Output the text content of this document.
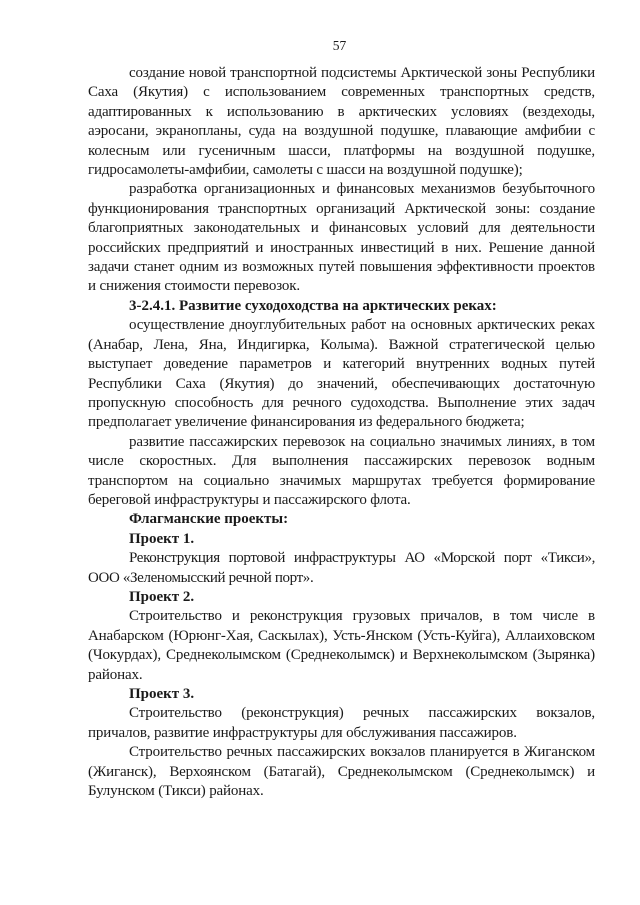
57

создание новой транспортной подсистемы Арктической зоны Республики Саха (Якутия) с использованием современных транспортных средств, адаптированных к использованию в арктических условиях (вездеходы, аэросани, экранопланы, суда на воздушной подушке, плавающие амфибии с колесным или гусеничным шасси, платформы на воздушной подушке, гидросамолеты-амфибии, самолеты с шасси на воздушной подушке);

разработка организационных и финансовых механизмов безубыточного функционирования транспортных организаций Арктической зоны: создание благоприятных законодательных и финансовых условий для деятельности российских предприятий и иностранных инвестиций в них. Решение данной задачи станет одним из возможных путей повышения эффективности проектов и снижения стоимости перевозок.

3-2.4.1. Развитие суходоходства на арктических реках:

осуществление дноуглубительных работ на основных арктических реках (Анабар, Лена, Яна, Индигирка, Колыма). Важной стратегической целью выступает доведение параметров и категорий внутренних водных путей Республики Саха (Якутия) до значений, обеспечивающих достаточную пропускную способность для речного судоходства. Выполнение этих задач предполагает увеличение финансирования из федерального бюджета;

развитие пассажирских перевозок на социально значимых линиях, в том числе скоростных. Для выполнения пассажирских перевозок водным транспортом на социально значимых маршрутах требуется формирование береговой инфраструктуры и пассажирского флота.

Флагманские проекты:
Проект 1.

Реконструкция портовой инфраструктуры АО «Морской порт «Тикси», ООО «Зеленомысский речной порт».

Проект 2.

Строительство и реконструкция грузовых причалов, в том числе в Анабарском (Юрюнг-Хая, Саскылах), Усть-Янском (Усть-Куйга), Аллаиховском (Чокурдах), Среднеколымском (Среднеколымск) и Верхнеколымском (Зырянка) районах.

Проект 3.

Строительство (реконструкция) речных пассажирских вокзалов, причалов, развитие инфраструктуры для обслуживания пассажиров.

Строительство речных пассажирских вокзалов планируется в Жиганском (Жиганск), Верхоянском (Батагай), Среднеколымском (Среднеколымск) и Булунском (Тикси) районах.
